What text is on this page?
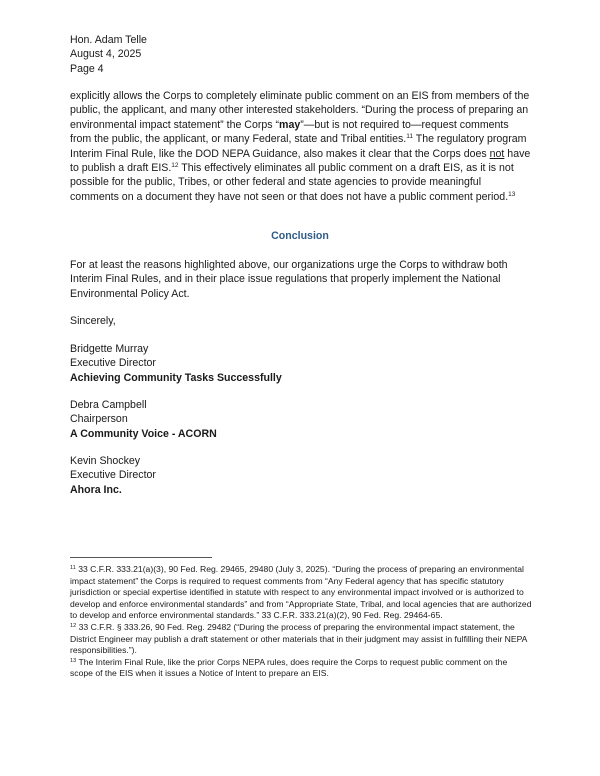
Hon. Adam Telle
August 4, 2025
Page 4
explicitly allows the Corps to completely eliminate public comment on an EIS from members of the public, the applicant, and many other interested stakeholders. “During the process of preparing an environmental impact statement” the Corps “may”—but is not required to—request comments from the public, the applicant, or many Federal, state and Tribal entities.$^{11}$ The regulatory program Interim Final Rule, like the DOD NEPA Guidance, also makes it clear that the Corps does not have to publish a draft EIS.$^{12}$ This effectively eliminates all public comment on a draft EIS, as it is not possible for the public, Tribes, or other federal and state agencies to provide meaningful comments on a document they have not seen or that does not have a public comment period.$^{13}$
Conclusion
For at least the reasons highlighted above, our organizations urge the Corps to withdraw both Interim Final Rules, and in their place issue regulations that properly implement the National Environmental Policy Act.
Sincerely,
Bridgette Murray
Executive Director
Achieving Community Tasks Successfully
Debra Campbell
Chairperson
A Community Voice - ACORN
Kevin Shockey
Executive Director
Ahora Inc.

$^{11}$ 33 C.F.R. 333.21(a)(3), 90 Fed. Reg. 29465, 29480 (July 3, 2025). “During the process of preparing an environmental impact statement” the Corps is required to request comments from “Any Federal agency that has specific statutory jurisdiction or special expertise identified in statute with respect to any environmental impact involved or is authorized to develop and enforce environmental standards” and from “Appropriate State, Tribal, and local agencies that are authorized to develop and enforce environmental standards.” 33 C.F.R. 333.21(a)(2), 90 Fed. Reg. 29464-65.

$^{12}$ 33 C.F.R. § 333.26, 90 Fed. Reg. 29482 (“During the process of preparing the environmental impact statement, the District Engineer may publish a draft statement or other materials that in their judgment may assist in fulfilling their NEPA responsibilities.”).

$^{13}$ The Interim Final Rule, like the prior Corps NEPA rules, does require the Corps to request public comment on the scope of the EIS when it issues a Notice of Intent to prepare an EIS.
